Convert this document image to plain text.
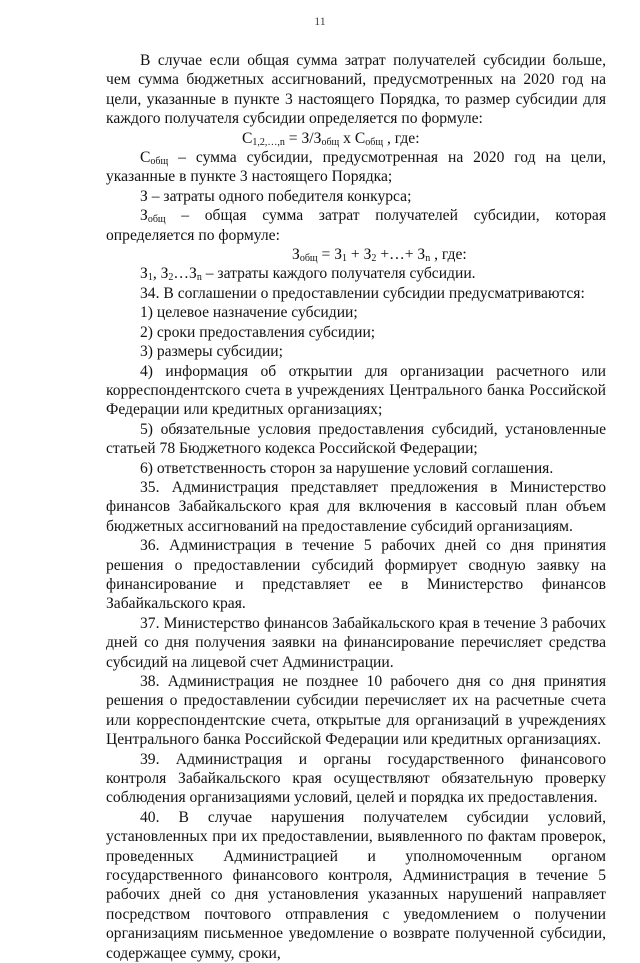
11

В случае если общая сумма затрат получателей субсидии больше, чем сумма бюджетных ассигнований, предусмотренных на 2020 год на цели, указанные в пункте 3 настоящего Порядка, то размер субсидии для каждого получателя субсидии определяется по формуле:

$С_{1,2,\dots,n} = З/З_{общ}$ х $С_{общ}$ , где:

$С_{общ}$ – сумма субсидии, предусмотренная на 2020 год на цели, указанные в пункте 3 настоящего Порядка;

З – затраты одного победителя конкурса;

$З_{общ}$ – общая сумма затрат получателей субсидии, которая определяется по формуле:

$З_{общ} = З_1 + З_2$ +…+ $З_n$ , где:

$З_1$, $З_2\dots З_n$ – затраты каждого получателя субсидии.

34. В соглашении о предоставлении субсидии предусматриваются:

1) целевое назначение субсидии;

2) сроки предоставления субсидии;

3) размеры субсидии;

4) информация об открытии для организации расчетного или корреспондентского счета в учреждениях Центрального банка Российской Федерации или кредитных организациях;

5) обязательные условия предоставления субсидий, установленные статьей 78 Бюджетного кодекса Российской Федерации;

6) ответственность сторон за нарушение условий соглашения.

35. Администрация представляет предложения в Министерство финансов Забайкальского края для включения в кассовый план объем бюджетных ассигнований на предоставление субсидий организациям.

36. Администрация в течение 5 рабочих дней со дня принятия решения о предоставлении субсидий формирует сводную заявку на финансирование и представляет ее в Министерство финансов Забайкальского края.

37. Министерство финансов Забайкальского края в течение 3 рабочих дней со дня получения заявки на финансирование перечисляет средства субсидий на лицевой счет Администрации.

38. Администрация не позднее 10 рабочего дня со дня принятия решения о предоставлении субсидии перечисляет их на расчетные счета или корреспондентские счета, открытые для организаций в учреждениях Центрального банка Российской Федерации или кредитных организациях.

39. Администрация и органы государственного финансового контроля Забайкальского края осуществляют обязательную проверку соблюдения организациями условий, целей и порядка их предоставления.

40. В случае нарушения получателем субсидии условий, установленных при их предоставлении, выявленного по фактам проверок, проведенных Администрацией и уполномоченным органом государственного финансового контроля, Администрация в течение 5 рабочих дней со дня установления указанных нарушений направляет посредством почтового отправления с уведомлением о получении организациям письменное уведомление о возврате полученной субсидии, содержащее сумму, сроки,
